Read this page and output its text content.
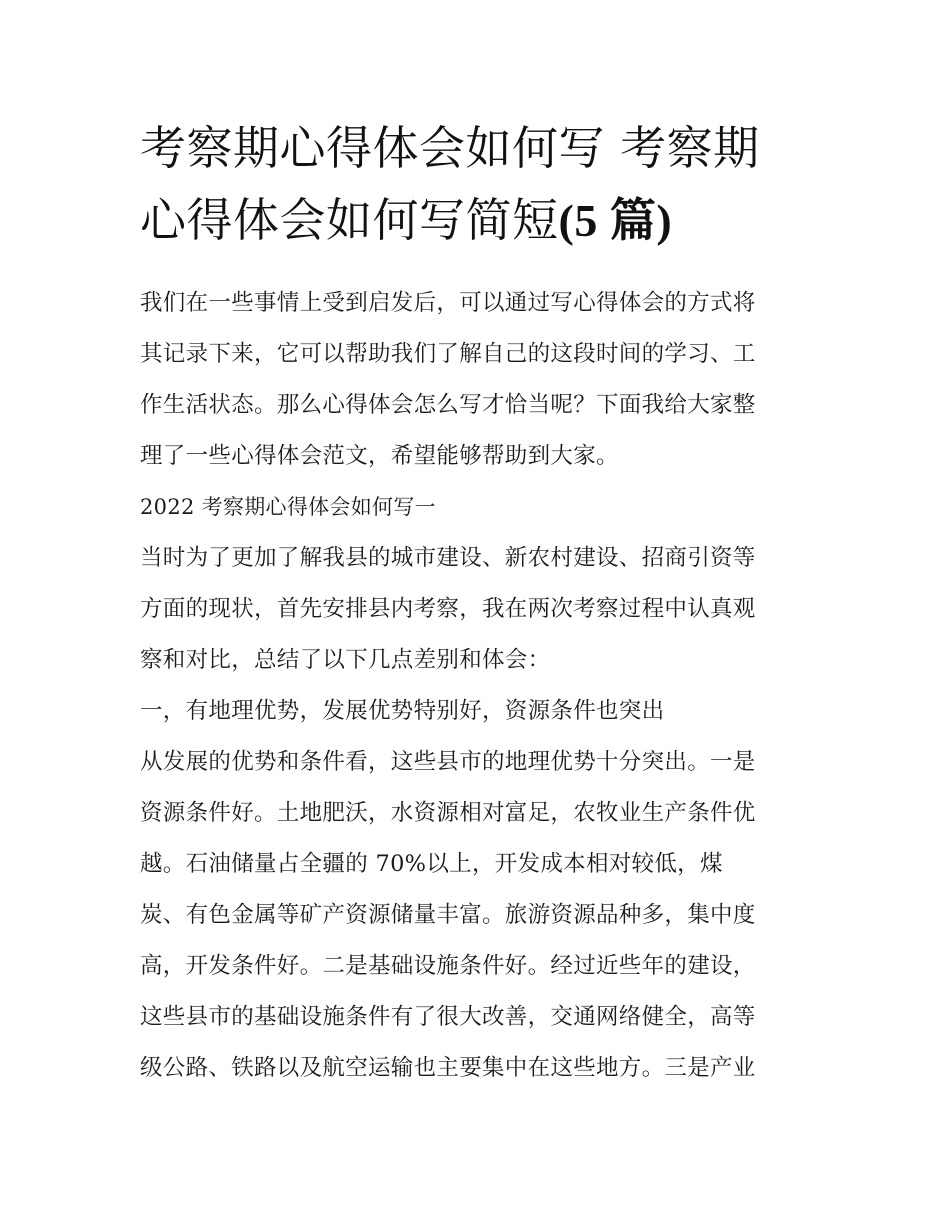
考察期心得体会如何写 考察期
心得体会如何写简短(5 篇)
我们在一些事情上受到启发后，可以通过写心得体会的方式将
其记录下来，它可以帮助我们了解自己的这段时间的学习、工
作生活状态。那么心得体会怎么写才恰当呢？下面我给大家整
理了一些心得体会范文，希望能够帮助到大家。
2022 考察期心得体会如何写一
当时为了更加了解我县的城市建设、新农村建设、招商引资等
方面的现状，首先安排县内考察，我在两次考察过程中认真观
察和对比，总结了以下几点差别和体会：
一，有地理优势，发展优势特别好，资源条件也突出
从发展的优势和条件看，这些县市的地理优势十分突出。一是
资源条件好。土地肥沃，水资源相对富足，农牧业生产条件优
越。石油储量占全疆的 70%以上，开发成本相对较低，煤
炭、有色金属等矿产资源储量丰富。旅游资源品种多，集中度
高，开发条件好。二是基础设施条件好。经过近些年的建设，
这些县市的基础设施条件有了很大改善，交通网络健全，高等
级公路、铁路以及航空运输也主要集中在这些地方。三是产业
